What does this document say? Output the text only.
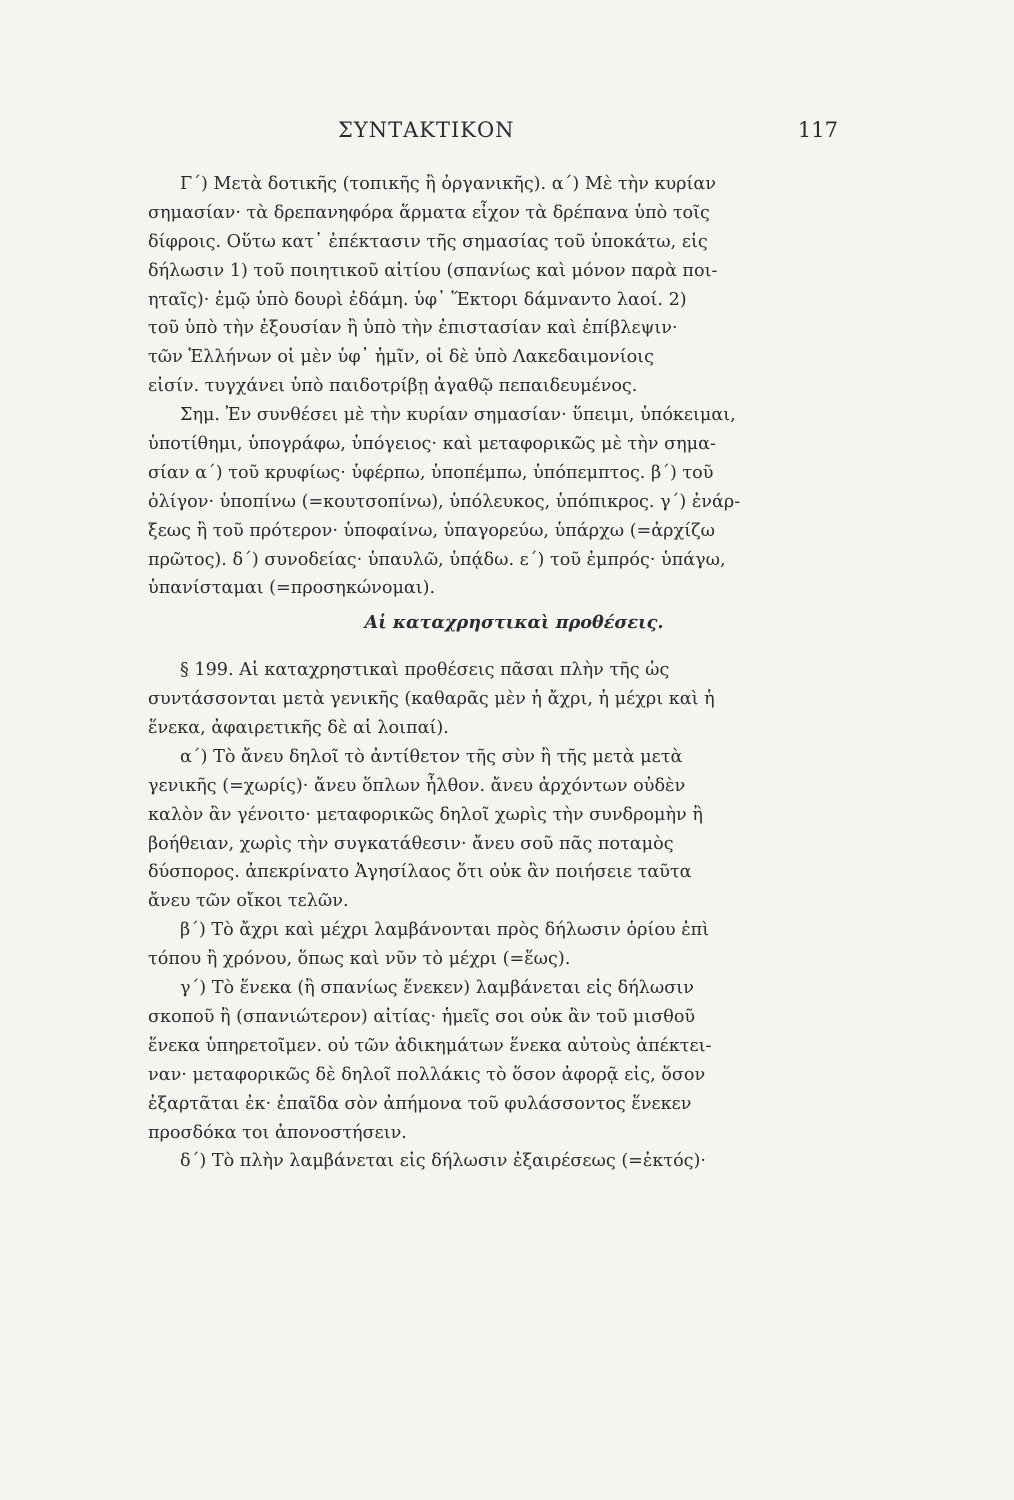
ΣΥΝΤΑΚΤΙΚΟΝ	117
Γ΄) Μετὰ δοτικῆς (τοπικῆς ἢ ὀργανικῆς). α΄) Μὲ τὴν κυρίαν
σημασίαν· τὰ δρεπανηφόρα ἅρματα εἶχον τὰ δρέπανα ὑπὸ τοῖς
δίφροις. Οὕτω κατ᾽ ἐπέκτασιν τῆς σημασίας τοῦ ὑποκάτω, εἰς
δήλωσιν 1) τοῦ ποιητικοῦ αἰτίου (σπανίως καὶ μόνον παρὰ ποι-
ηταῖς)· ἐμῷ ὑπὸ δουρὶ ἐδάμη. ὑφ᾽ Ἕκτορι δάμναντο λαοί. 2)
τοῦ ὑπὸ τὴν ἐξουσίαν ἢ ὑπὸ τὴν ἐπιστασίαν καὶ ἐπίβλεψιν·
τῶν Ἑλλήνων οἱ μὲν ὑφ᾽ ἡμῖν, οἱ δὲ ὑπὸ Λακεδαιμονίοις
εἰσίν. τυγχάνει ὑπὸ παιδοτρίβῃ ἀγαθῷ πεπαιδευμένος.
Σημ. Ἐν συνθέσει μὲ τὴν κυρίαν σημασίαν· ὕπειμι, ὑπόκειμαι,
ὑποτίθημι, ὑπογράφω, ὑπόγειος· καὶ μεταφορικῶς μὲ τὴν σημα-
σίαν α΄) τοῦ κρυφίως· ὑφέρπω, ὑποπέμπω, ὑπόπεμπτος. β΄) τοῦ
ὀλίγον· ὑποπίνω (=κουτσοπίνω), ὑπόλευκος, ὑπόπικρος. γ΄) ἐνάρ-
ξεως ἢ τοῦ πρότερον· ὑποφαίνω, ὑπαγορεύω, ὑπάρχω (=ἀρχίζω
πρῶτος). δ΄) συνοδείας· ὑπαυλῶ, ὑπᾴδω. ε΄) τοῦ ἐμπρός· ὑπάγω,
ὑπανίσταμαι (=προσηκώνομαι).
Αἱ καταχρηστικαὶ προθέσεις.
§ 199. Αἱ καταχρηστικαὶ προθέσεις πᾶσαι πλὴν τῆς ὡς
συντάσσονται μετὰ γενικῆς (καθαρᾶς μὲν ἡ ἄχρι, ἡ μέχρι καὶ ἡ
ἕνεκα, ἀφαιρετικῆς δὲ αἱ λοιπαί).
α΄) Τὸ ἄνευ δηλοῖ τὸ ἀντίθετον τῆς σὺν ἢ τῆς μετὰ μετὰ
γενικῆς (=χωρίς)· ἄνευ ὅπλων ἦλθον. ἄνευ ἀρχόντων οὐδὲν
καλὸν ἂν γένοιτο· μεταφορικῶς δηλοῖ χωρὶς τὴν συνδρομὴν ἢ
βοήθειαν, χωρὶς τὴν συγκατάθεσιν· ἄνευ σοῦ πᾶς ποταμὸς
δύσπορος. ἀπεκρίνατο Ἀγησίλαος ὅτι οὐκ ἂν ποιήσειε ταῦτα
ἄνευ τῶν οἴκοι τελῶν.
β΄) Τὸ ἄχρι καὶ μέχρι λαμβάνονται πρὸς δήλωσιν ὁρίου ἐπὶ
τόπου ἢ χρόνου, ὅπως καὶ νῦν τὸ μέχρι (=ἕως).
γ΄) Τὸ ἕνεκα (ἢ σπανίως ἕνεκεν) λαμβάνεται εἰς δήλωσιν
σκοποῦ ἢ (σπανιώτερον) αἰτίας· ἡμεῖς σοι οὐκ ἂν τοῦ μισθοῦ
ἕνεκα ὑπηρετοῖμεν. οὐ τῶν ἀδικημάτων ἕνεκα αὐτοὺς ἀπέκτει-
ναν· μεταφορικῶς δὲ δηλοῖ πολλάκις τὸ ὅσον ἀφορᾷ εἰς, ὅσον
ἐξαρτᾶται ἐκ· ἐπαῖδα σὸν ἀπήμονα τοῦ φυλάσσοντος ἕνεκεν
προσδόκα τοι ἀπονοστήσειν.
δ΄) Τὸ πλὴν λαμβάνεται εἰς δήλωσιν ἐξαιρέσεως (=ἐκτός)·
